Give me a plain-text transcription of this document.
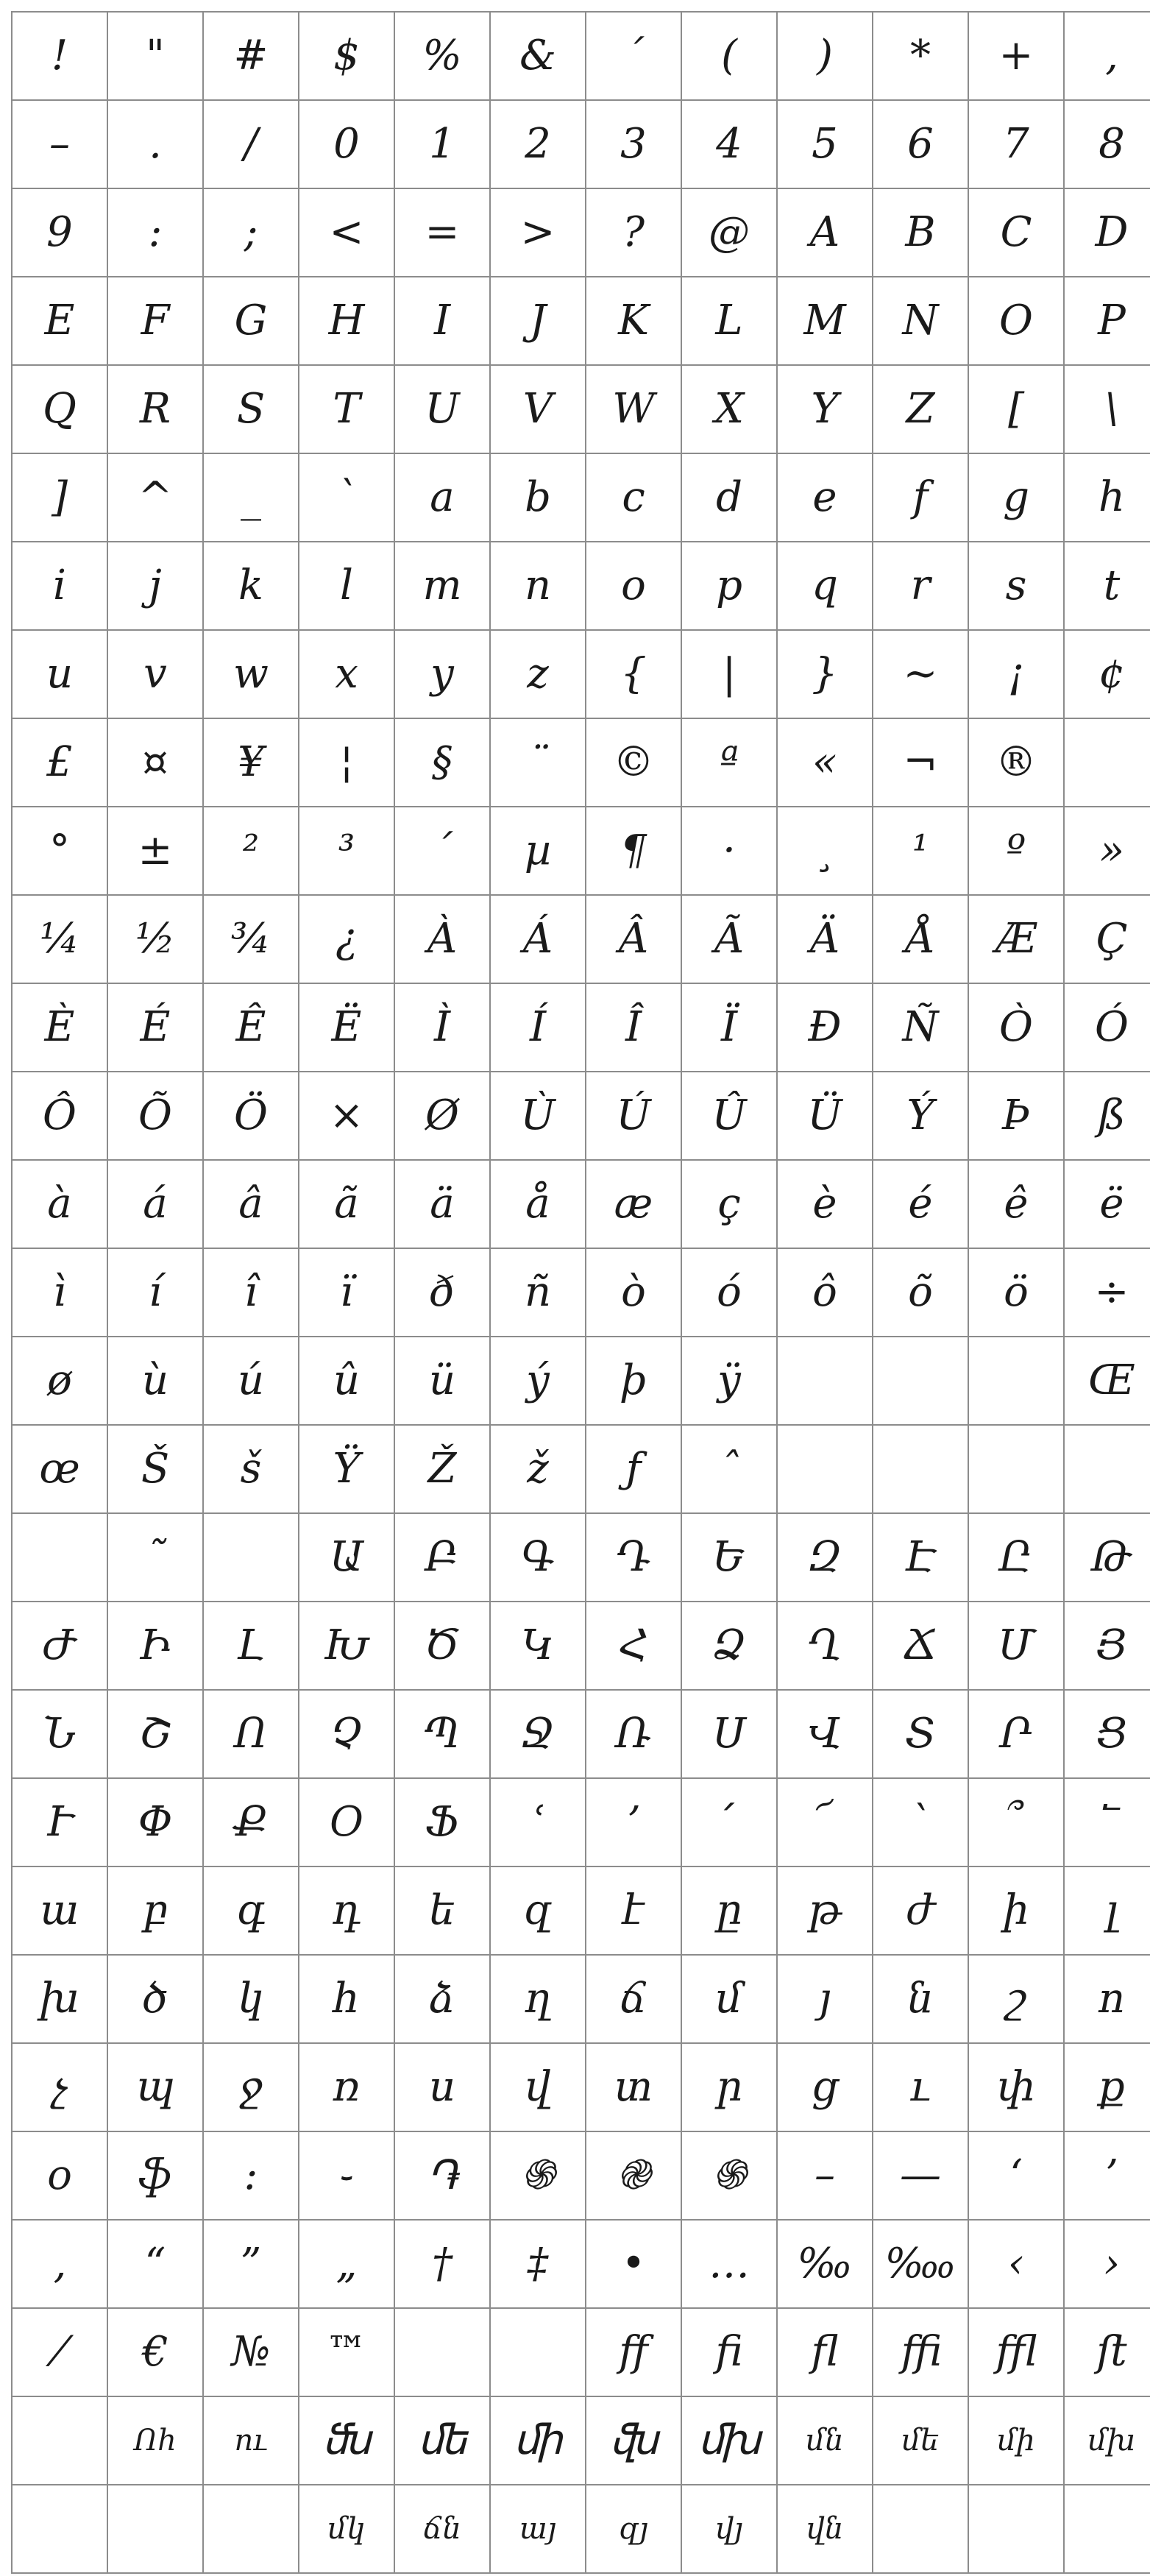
!	"	#	$	%	&	´	(	)	*	+	,
–	.	/	0	1	2	3	4	5	6	7	8
9	:	;	<	=	>	?	@	A	B	C	D
E	F	G	H	I	J	K	L	M	N	O	P
Q	R	S	T	U	V	W	X	Y	Z	[	\
]	^	_	`	a	b	c	d	e	f	g	h
i	j	k	l	m	n	o	p	q	r	s	t
u	v	w	x	y	z	{	|	}	~	¡	¢
£	¤	¥	¦	§	¨	©	ª	«	¬	®	
°	±	²	³	´	µ	¶	·	¸	¹	º	»
¼	½	¾	¿	À	Á	Â	Ã	Ä	Å	Æ	Ç
È	É	Ê	Ë	Ì	Í	Î	Ï	Ð	Ñ	Ò	Ó
Ô	Õ	Ö	×	Ø	Ù	Ú	Û	Ü	Ý	Þ	ß
à	á	â	ã	ä	å	æ	ç	è	é	ê	ë
ì	í	î	ï	ð	ñ	ò	ó	ô	õ	ö	÷
ø	ù	ú	û	ü	ý	þ	ÿ				Œ
œ	Š	š	Ÿ	Ž	ž	ƒ	ˆ				
	˜		Ա	Բ	Գ	Դ	Ե	Զ	Է	Ը	Թ
Ժ	Ի	Լ	Խ	Ծ	Կ	Հ	Ձ	Ղ	Ճ	Մ	Յ
Ն	Շ	Ո	Չ	Պ	Ջ	Ռ	Ս	Վ	Տ	Ր	Ց
Ւ	Փ	Ք	Օ	Ֆ	ՙ	՚	՛	՜	՝	՞	՟
ա	բ	գ	դ	ե	զ	է	ը	թ	ժ	ի	լ
խ	ծ	կ	հ	ձ	ղ	ճ	մ	յ	ն	շ	ո
չ	պ	ջ	ռ	ս	վ	տ	ր	ց	ւ	փ	ք
օ	ֆ	։	֊	֏	֍	֎	֍	–	—	‘	’
‚	“	”	„	†	‡	•	…	‰	‱	‹	›
⁄	€	№	™			ﬀ	ﬁ	ﬂ	ﬃ	ﬄ	ﬅ
	Ոh	nւ	ﬓ	ﬔ	ﬕ	ﬖ	ﬗ	մն	մե	մի	մխ
			մկ	ճն	այ	զյ	վյ	վն			
